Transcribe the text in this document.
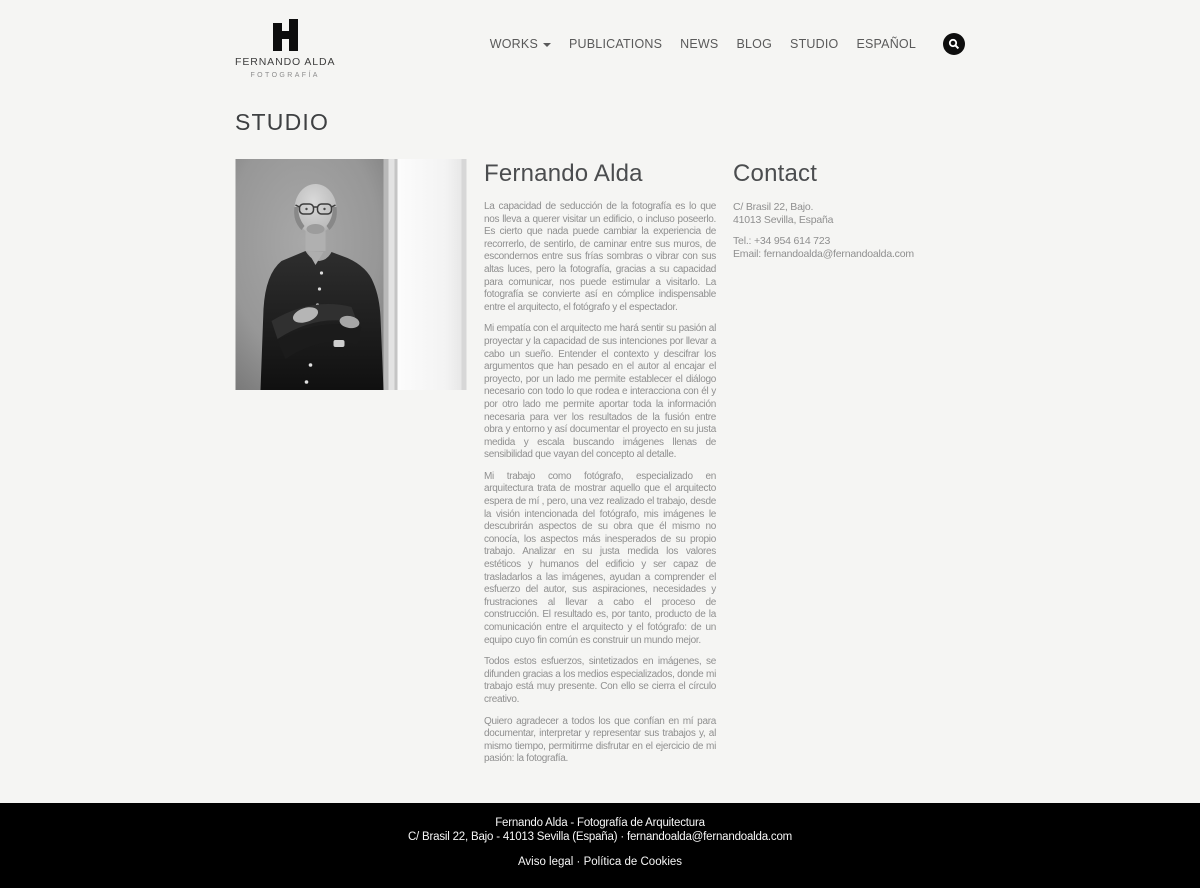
FERNANDO ALDA
FOTOGRAFÍA
WORKS	PUBLICATIONS NEWS BLOG STUDIO ESPAÑOL
STUDIO
Fernando Alda

La capacidad de seducción de la fotografía es lo que nos lleva a querer visitar un edificio, o incluso poseerlo. Es cierto que nada puede cambiar la experiencia de recorrerlo, de sentirlo, de caminar entre sus muros, de escondernos entre sus frías sombras o vibrar con sus altas luces, pero la fotografía, gracias a su capacidad para comunicar, nos puede estimular a visitarlo. La fotografía se convierte así en cómplice indispensable entre el arquitecto, el fotógrafo y el espectador.

Mi empatía con el arquitecto me hará sentir su pasión al proyectar y la capacidad de sus intenciones por llevar a cabo un sueño. Entender el contexto y descifrar los argumentos que han pesado en el autor al encajar el proyecto, por un lado me permite establecer el diálogo necesario con todo lo que rodea e interacciona con él y por otro lado me permite aportar toda la información necesaria para ver los resultados de la fusión entre obra y entorno y así documentar el proyecto en su justa medida y escala buscando imágenes llenas de sensibilidad que vayan del concepto al detalle.

Mi trabajo como fotógrafo, especializado en arquitectura trata de mostrar aquello que el arquitecto espera de mí , pero, una vez realizado el trabajo, desde la visión intencionada del fotógrafo, mis imágenes le descubrirán aspectos de su obra que él mismo no conocía, los aspectos más inesperados de su propio trabajo. Analizar en su justa medida los valores estéticos y humanos del edificio y ser capaz de trasladarlos a las imágenes, ayudan a comprender el esfuerzo del autor, sus aspiraciones, necesidades y frustraciones al llevar a cabo el proceso de construcción. El resultado es, por tanto, producto de la comunicación entre el arquitecto y el fotógrafo: de un equipo cuyo fin común es construir un mundo mejor.

Todos estos esfuerzos, sintetizados en imágenes, se difunden gracias a los medios especializados, donde mi trabajo está muy presente. Con ello se cierra el círculo creativo.

Quiero agradecer a todos los que confían en mí para documentar, interpretar y representar sus trabajos y, al mismo tiempo, permitirme disfrutar en el ejercicio de mi pasión: la fotografía.

Contact
C/ Brasil 22, Bajo.
41013 Sevilla, España
Tel.: +34 954 614 723
Email: fernandoalda@fernandoalda.com
Fernando Alda - Fotografía de Arquitectura
C/ Brasil 22, Bajo - 41013 Sevilla (España) · fernandoalda@fernandoalda.com
Aviso legal · Política de Cookies
